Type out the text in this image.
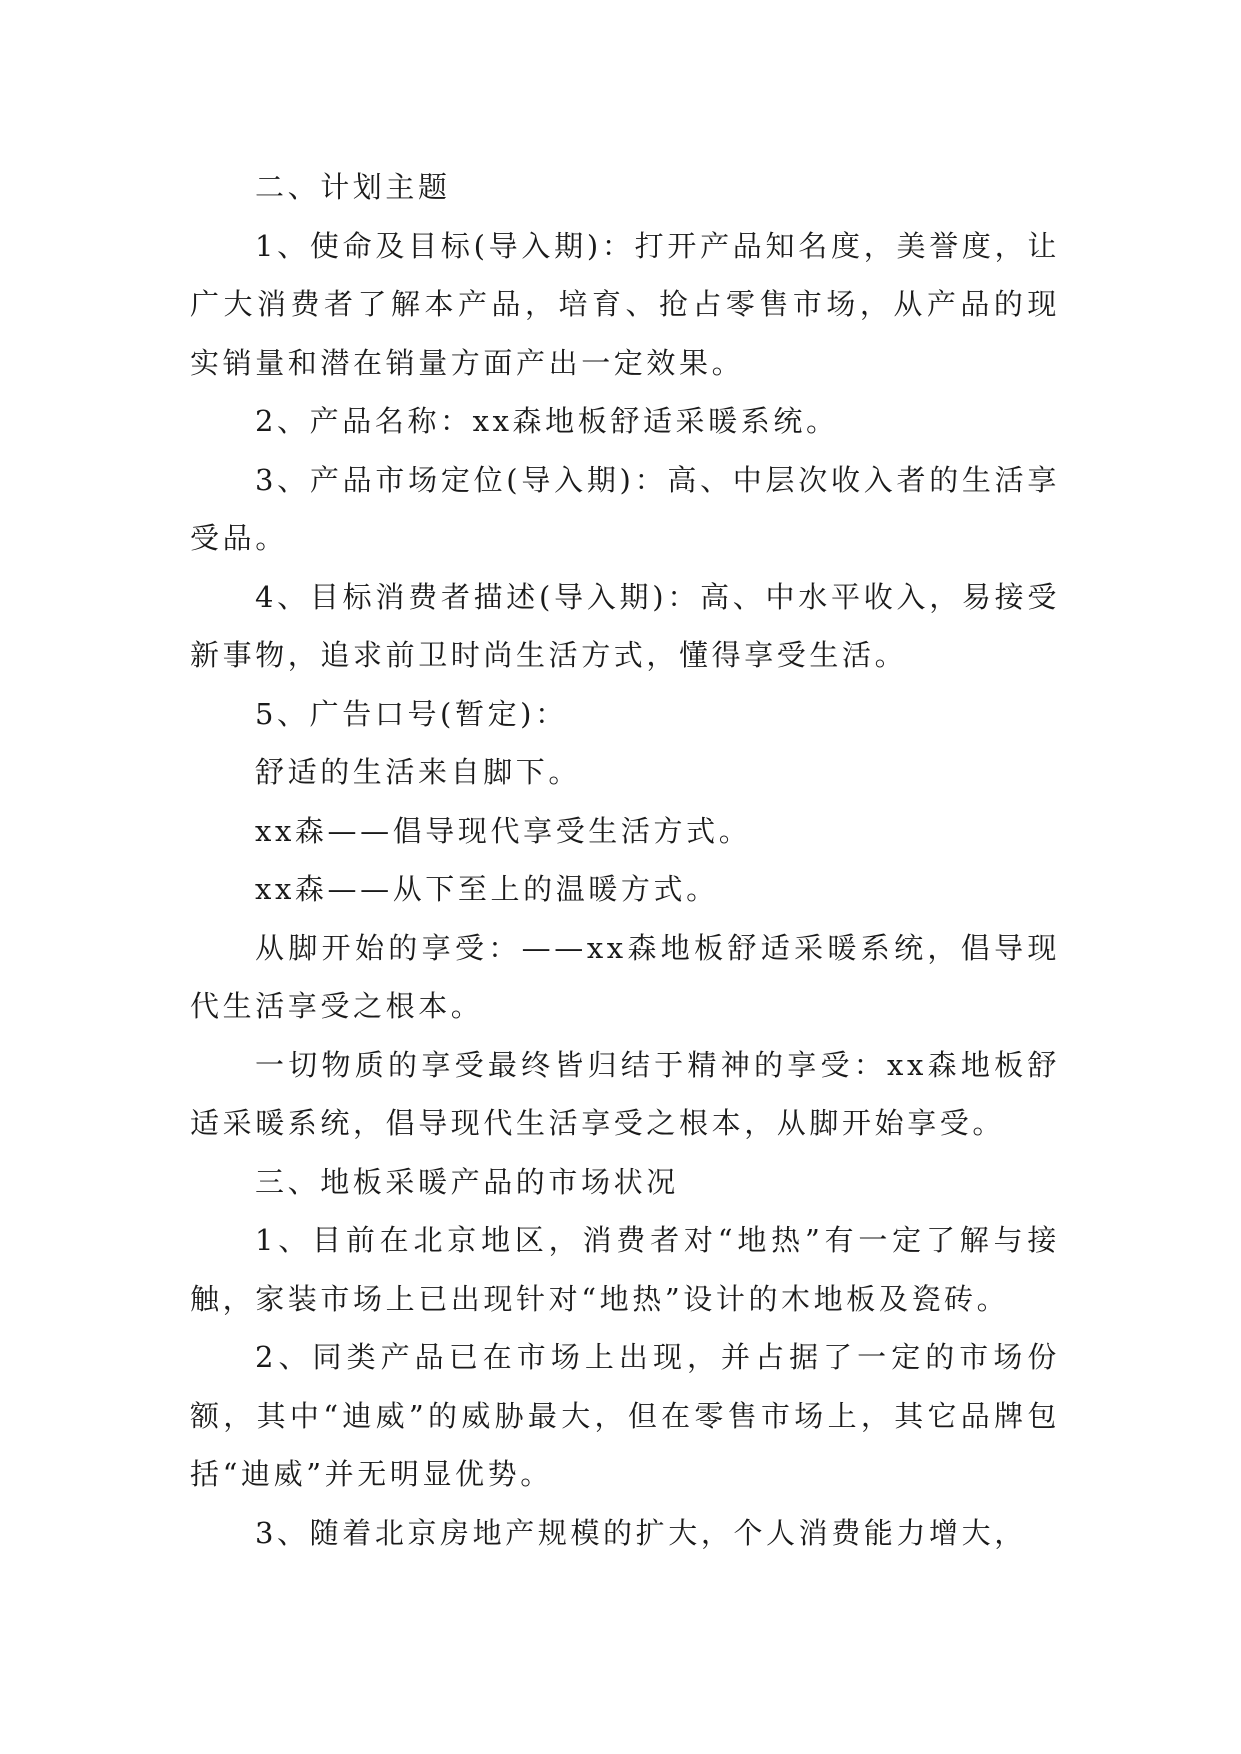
二、计划主题

1、使命及目标(导入期)：打开产品知名度，美誉度，让广大消费者了解本产品，培育、抢占零售市场，从产品的现实销量和潜在销量方面产出一定效果。

2、产品名称：xx森地板舒适采暖系统。

3、产品市场定位(导入期)：高、中层次收入者的生活享受品。

4、目标消费者描述(导入期)：高、中水平收入，易接受新事物，追求前卫时尚生活方式，懂得享受生活。

5、广告口号(暂定)：

舒适的生活来自脚下。

xx森——倡导现代享受生活方式。

xx森——从下至上的温暖方式。

从脚开始的享受：——xx森地板舒适采暖系统，倡导现代生活享受之根本。

一切物质的享受最终皆归结于精神的享受：xx森地板舒适采暖系统，倡导现代生活享受之根本，从脚开始享受。

三、地板采暖产品的市场状况

1、目前在北京地区，消费者对“地热”有一定了解与接触，家装市场上已出现针对“地热”设计的木地板及瓷砖。

2、同类产品已在市场上出现，并占据了一定的市场份额，其中“迪威”的威胁最大，但在零售市场上，其它品牌包括“迪威”并无明显优势。

3、随着北京房地产规模的扩大，个人消费能力增大，
